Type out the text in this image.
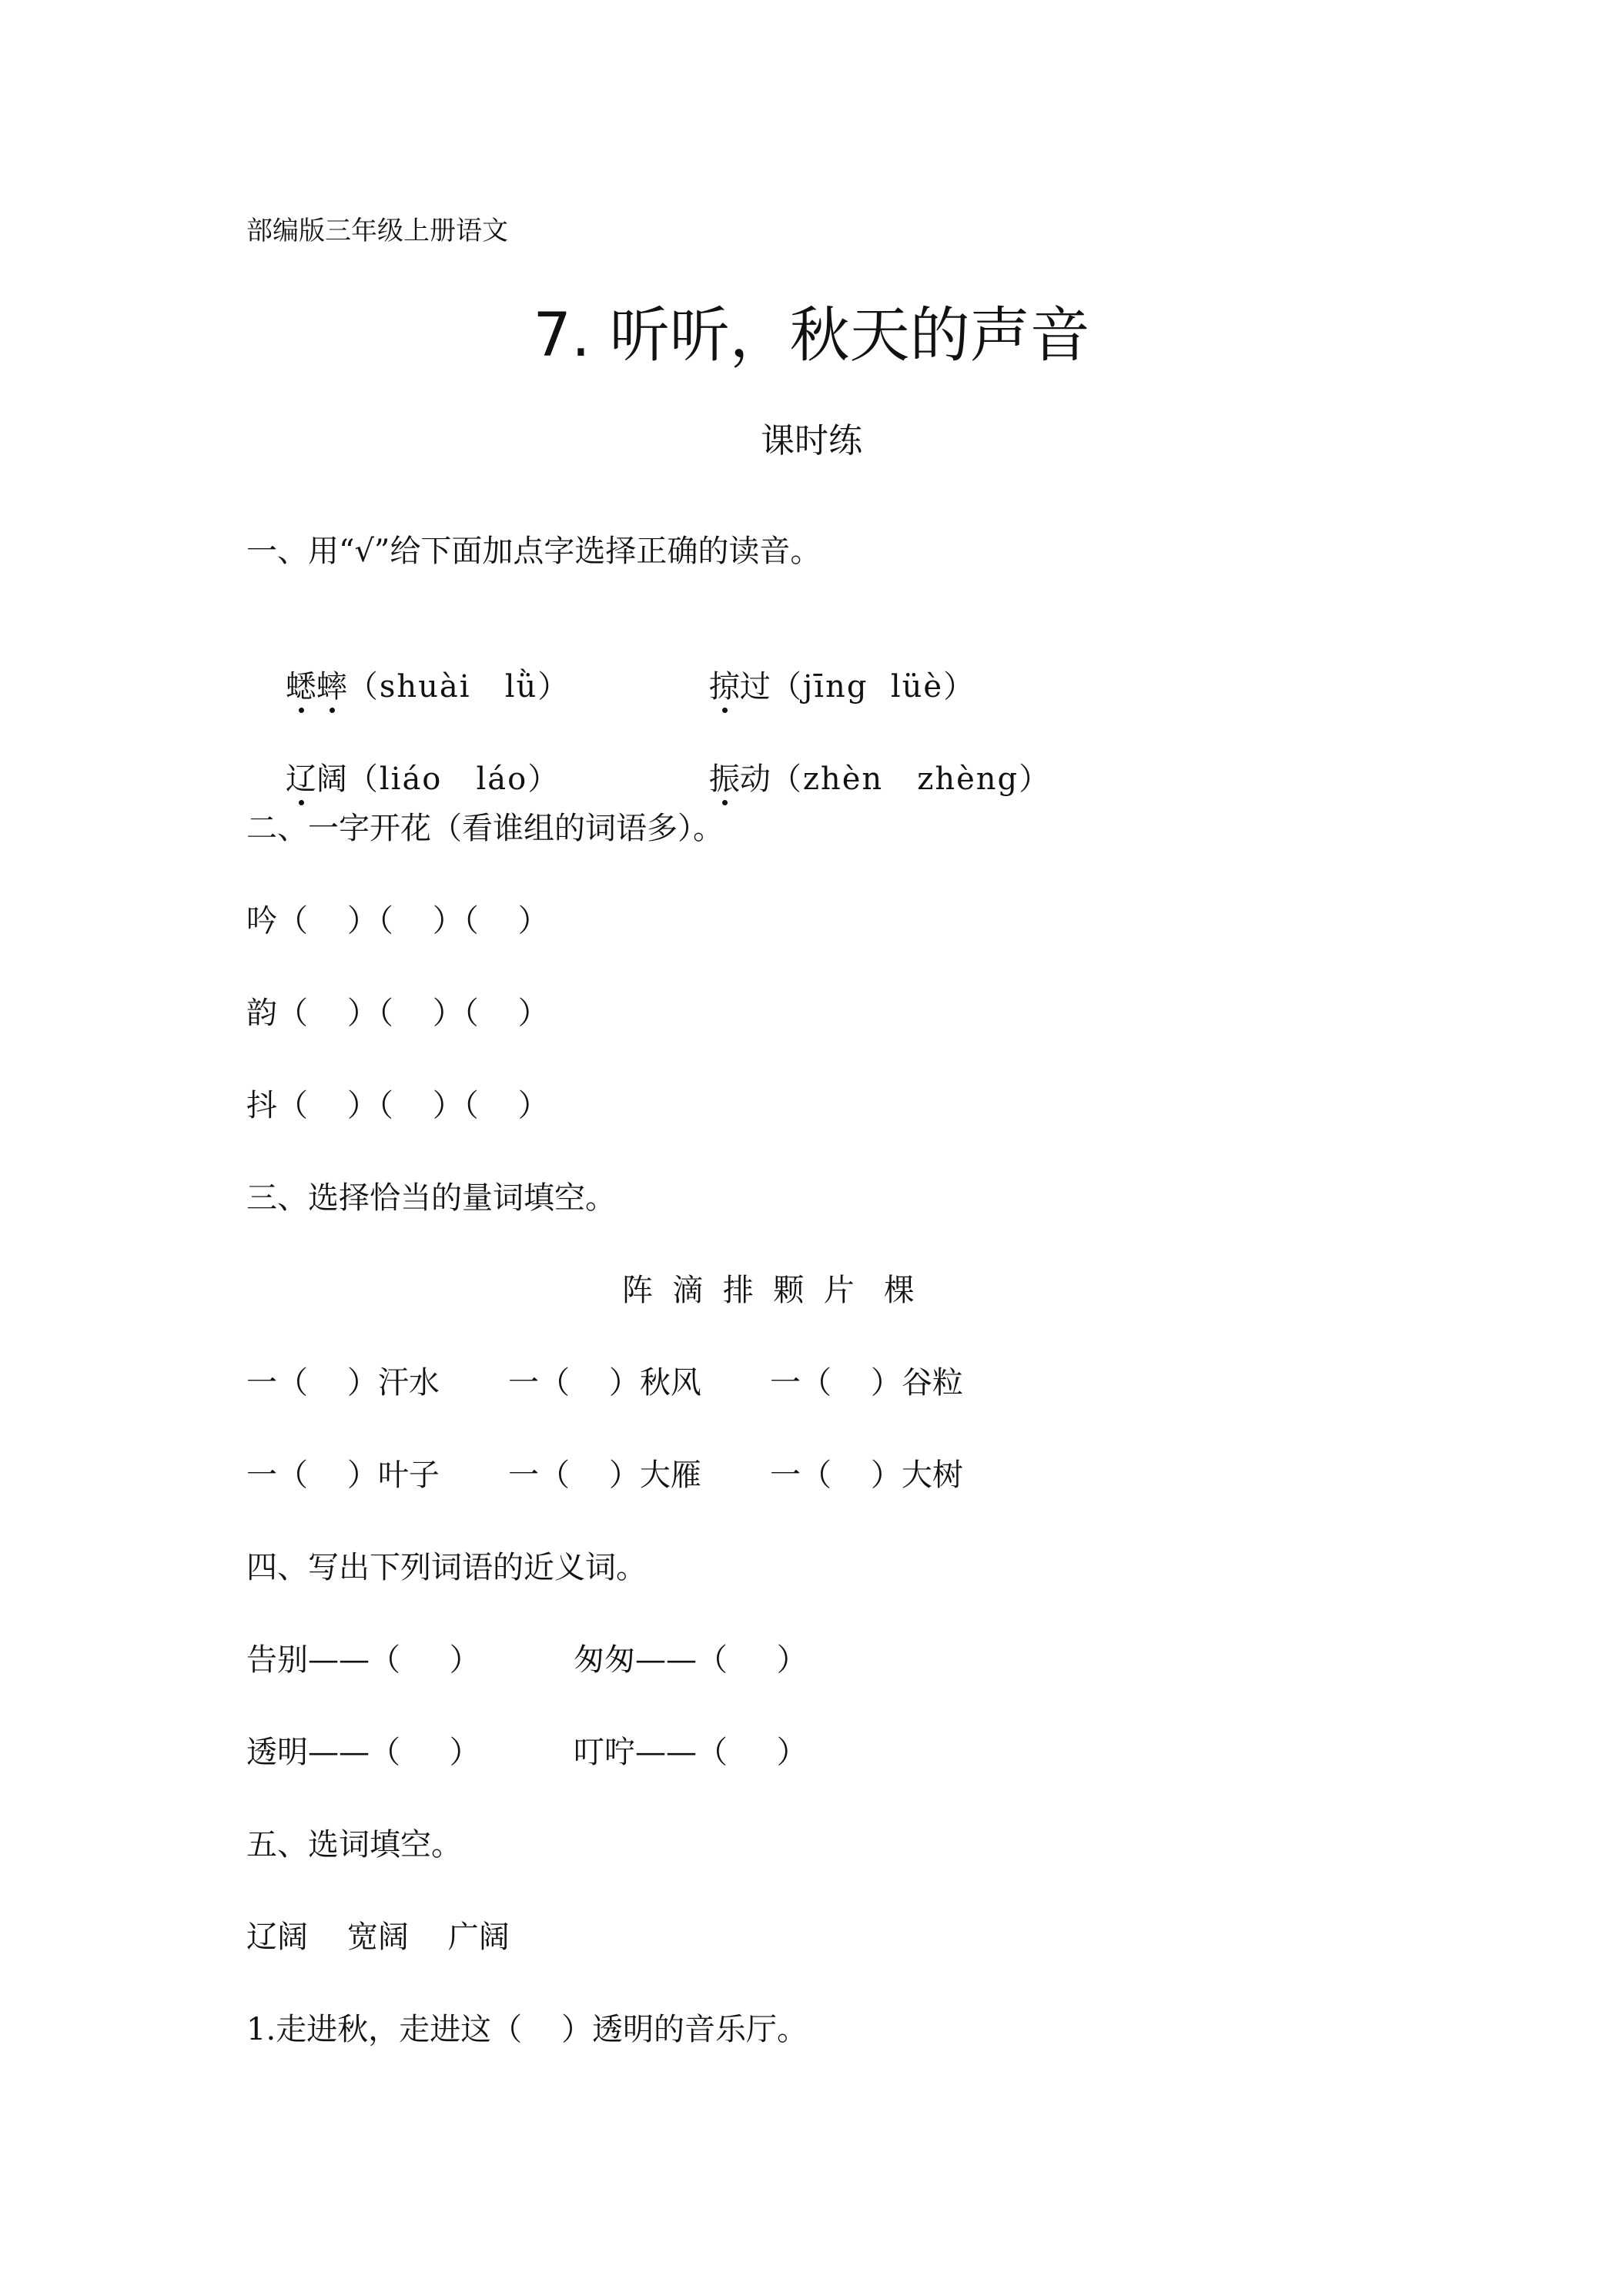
部编版三年级上册语文
7. 听听，秋天的声音
课时练
一、用“√”给下面加点字选择正确的读音。

蟋蟀（shuài   lǜ）
	掠过（jīng  lüè）

辽阔（liáo   láo）
	振动（zhèn   zhèng）

二、一字开花（看谁组的词语多）。
吟（    ）（    ）（    ）
韵（    ）（    ）（    ）
抖（    ）（    ）（    ）
三、选择恰当的量词填空。
阵  滴  排  颗  片   棵
一（    ）汗水 一（    ）秋风 一（    ）谷粒
一（    ）叶子 一（    ）大雁 一（    ）大树
四、写出下列词语的近义词。
告别——（     ）	匆匆——（     ）
透明——（     ）	叮咛——（     ）
五、选词填空。
辽阔    宽阔    广阔
1.走进秋，走进这（    ）透明的音乐厅。
